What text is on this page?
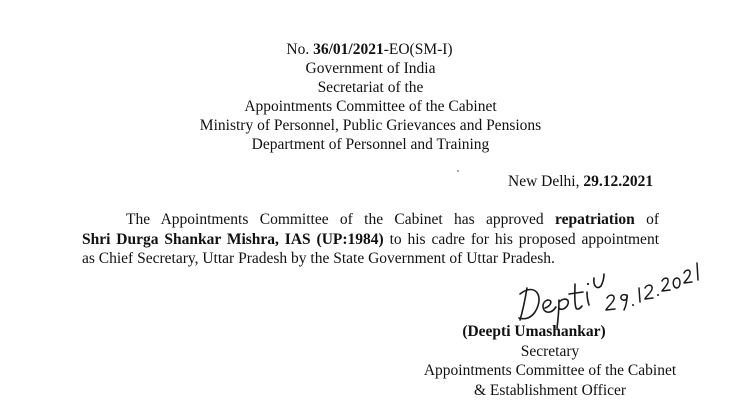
No. 36/01/2021-EO(SM-I)
Government of India
Secretariat of the
Appointments Committee of the Cabinet
Ministry of Personnel, Public Grievances and Pensions
Department of Personnel and Training
New Delhi, 29.12.2021
The Appointments Committee of the Cabinet has approved repatriation of
Shri Durga Shankar Mishra, IAS (UP:1984) to his cadre for his proposed appointment
as Chief Secretary, Uttar Pradesh by the State Government of Uttar Pradesh.
(Deepti Umashankar)
Secretary
Appointments Committee of the Cabinet
& Establishment Officer
